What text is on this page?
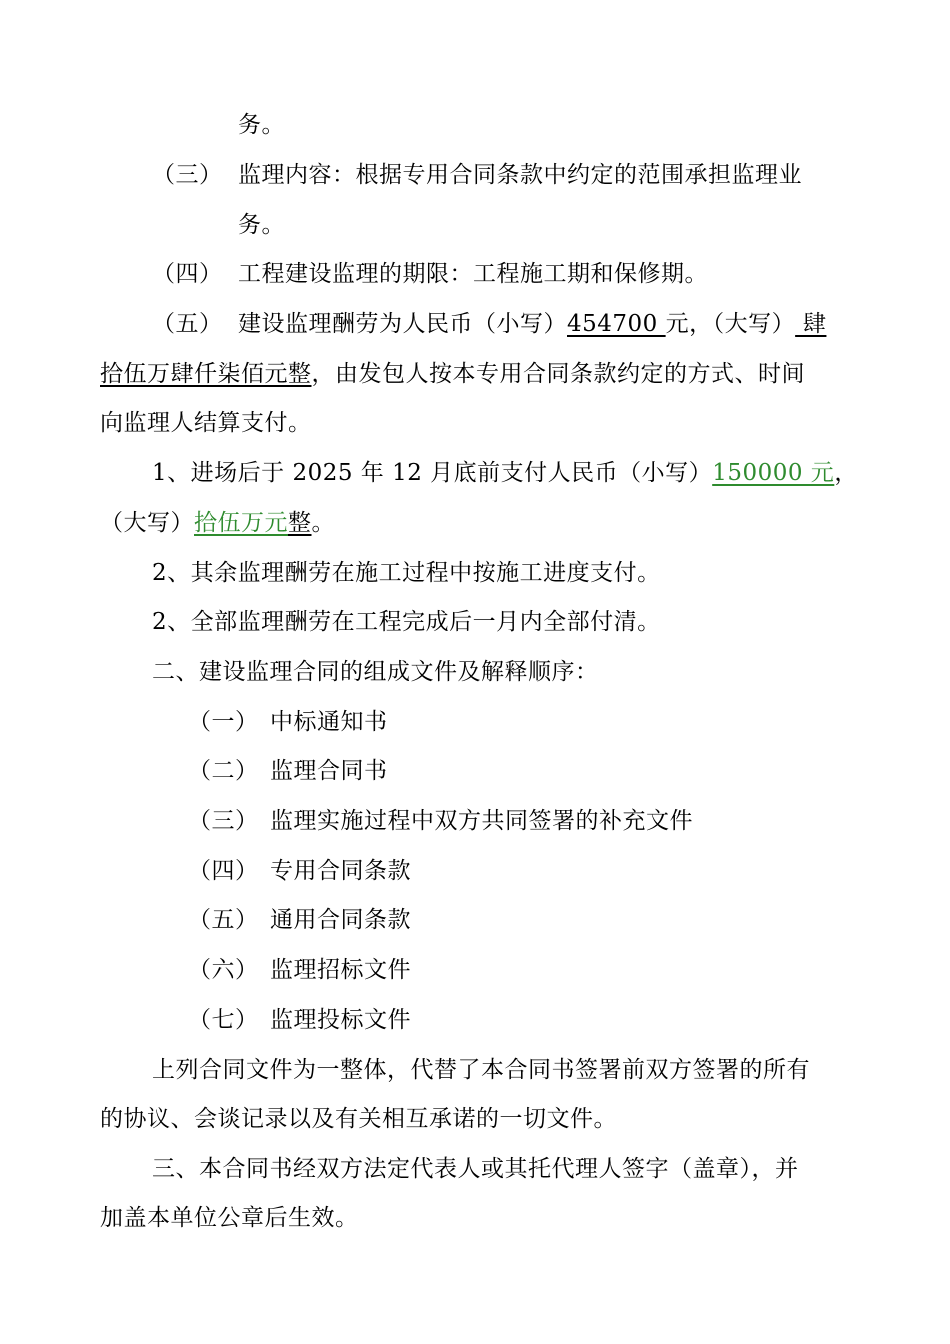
务。
（三） 监理内容：根据专用合同条款中约定的范围承担监理业
务。
（四） 工程建设监理的期限：工程施工期和保修期。
（五） 建设监理酬劳为人民币（小写）454700 元，（大写） 肆
拾伍万肆仟柒佰元整，由发包人按本专用合同条款约定的方式、时间
向监理人结算支付。
1、进场后于 2025 年 12 月底前支付人民币（小写）150000 元，
（大写）拾伍万元整。
2、其余监理酬劳在施工过程中按施工进度支付。
2、全部监理酬劳在工程完成后一月内全部付清。
二、建设监理合同的组成文件及解释顺序：
（一） 中标通知书
（二） 监理合同书
（三） 监理实施过程中双方共同签署的补充文件
（四） 专用合同条款
（五） 通用合同条款
（六） 监理招标文件
（七） 监理投标文件
上列合同文件为一整体，代替了本合同书签署前双方签署的所有
的协议、会谈记录以及有关相互承诺的一切文件。
三、本合同书经双方法定代表人或其托代理人签字（盖章），并
加盖本单位公章后生效。
